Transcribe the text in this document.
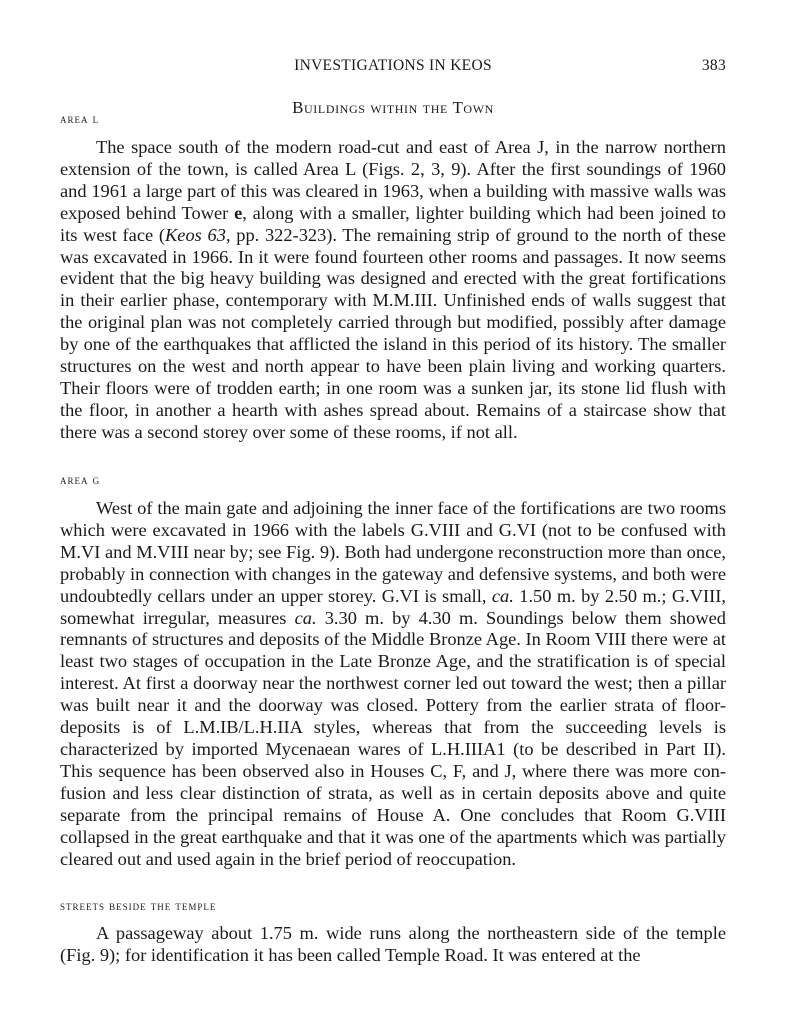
INVESTIGATIONS IN KEOS	383
Buildings within the Town
area l

The space south of the modern road-cut and east of Area J, in the narrow northern extension of the town, is called Area L (Figs. 2, 3, 9). After the first soundings of 1960 and 1961 a large part of this was cleared in 1963, when a building with massive walls was exposed behind Tower e, along with a smaller, lighter building which had been joined to its west face (Keos 63, pp. 322-323). The remaining strip of ground to the north of these was excavated in 1966. In it were found fourteen other rooms and passages. It now seems evident that the big heavy building was designed and erected with the great fortifications in their earlier phase, contemporary with M.M.III. Unfinished ends of walls suggest that the original plan was not completely carried through but modified, possibly after damage by one of the earthquakes that afflicted the island in this period of its history. The smaller structures on the west and north appear to have been plain living and working quarters. Their floors were of trodden earth; in one room was a sunken jar, its stone lid flush with the floor, in another a hearth with ashes spread about. Remains of a staircase show that there was a second storey over some of these rooms, if not all.

area g

West of the main gate and adjoining the inner face of the fortifications are two rooms which were excavated in 1966 with the labels G.VIII and G.VI (not to be confused with M.VI and M.VIII near by; see Fig. 9). Both had undergone reconstruction more than once, probably in connection with changes in the gateway and defensive systems, and both were undoubtedly cellars under an upper storey. G.VI is small, ca. 1.50 m. by 2.50 m.; G.VIII, somewhat irregular, measures ca. 3.30 m. by 4.30 m. Soundings below them showed remnants of structures and deposits of the Middle Bronze Age. In Room VIII there were at least two stages of occupation in the Late Bronze Age, and the stratification is of special interest. At first a doorway near the northwest corner led out toward the west; then a pillar was built near it and the doorway was closed. Pottery from the earlier strata of floor-deposits is of L.M.IB/L.H.IIA styles, whereas that from the succeeding levels is characterized by imported Mycenaean wares of L.H.IIIA1 (to be described in Part II). This sequence has been observed also in Houses C, F, and J, where there was more confusion and less clear distinction of strata, as well as in certain deposits above and quite separate from the principal remains of House A. One concludes that Room G.VIII collapsed in the great earthquake and that it was one of the apartments which was partially cleared out and used again in the brief period of reoccupation.

streets beside the temple

A passageway about 1.75 m. wide runs along the northeastern side of the temple (Fig. 9); for identification it has been called Temple Road. It was entered at the
